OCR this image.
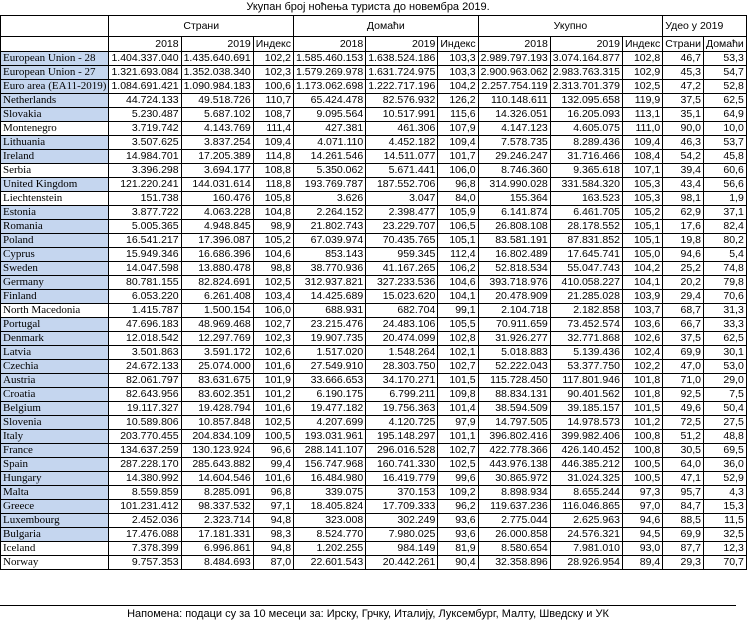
Укупан број ноћења туриста до новембра 2019.
	Страни			Домаћи			Укупно			Удео у 2019	
	2018	2019	Индекс	2018	2019	Индекс	2018	2019	Индекс	Страни	Домаћи
European Union - 28	1.404.337.040	1.435.640.691	102,2	1.585.460.153	1.638.524.186	103,3	2.989.797.193	3.074.164.877	102,8	46,7	53,3
European Union - 27	1.321.693.084	1.352.038.340	102,3	1.579.269.978	1.631.724.975	103,3	2.900.963.062	2.983.763.315	102,9	45,3	54,7
Euro area (EA11-2019)	1.084.691.421	1.090.984.183	100,6	1.173.062.698	1.222.717.196	104,2	2.257.754.119	2.313.701.379	102,5	47,2	52,8
Netherlands	44.724.133	49.518.726	110,7	65.424.478	82.576.932	126,2	110.148.611	132.095.658	119,9	37,5	62,5
Slovakia	5.230.487	5.687.102	108,7	9.095.564	10.517.991	115,6	14.326.051	16.205.093	113,1	35,1	64,9
Montenegro	3.719.742	4.143.769	111,4	427.381	461.306	107,9	4.147.123	4.605.075	111,0	90,0	10,0
Lithuania	3.507.625	3.837.254	109,4	4.071.110	4.452.182	109,4	7.578.735	8.289.436	109,4	46,3	53,7
Ireland	14.984.701	17.205.389	114,8	14.261.546	14.511.077	101,7	29.246.247	31.716.466	108,4	54,2	45,8
Serbia	3.396.298	3.694.177	108,8	5.350.062	5.671.441	106,0	8.746.360	9.365.618	107,1	39,4	60,6
United Kingdom	121.220.241	144.031.614	118,8	193.769.787	187.552.706	96,8	314.990.028	331.584.320	105,3	43,4	56,6
Liechtenstein	151.738	160.476	105,8	3.626	3.047	84,0	155.364	163.523	105,3	98,1	1,9
Estonia	3.877.722	4.063.228	104,8	2.264.152	2.398.477	105,9	6.141.874	6.461.705	105,2	62,9	37,1
Romania	5.005.365	4.948.845	98,9	21.802.743	23.229.707	106,5	26.808.108	28.178.552	105,1	17,6	82,4
Poland	16.541.217	17.396.087	105,2	67.039.974	70.435.765	105,1	83.581.191	87.831.852	105,1	19,8	80,2
Cyprus	15.949.346	16.686.396	104,6	853.143	959.345	112,4	16.802.489	17.645.741	105,0	94,6	5,4
Sweden	14.047.598	13.880.478	98,8	38.770.936	41.167.265	106,2	52.818.534	55.047.743	104,2	25,2	74,8
Germany	80.781.155	82.824.691	102,5	312.937.821	327.233.536	104,6	393.718.976	410.058.227	104,1	20,2	79,8
Finland	6.053.220	6.261.408	103,4	14.425.689	15.023.620	104,1	20.478.909	21.285.028	103,9	29,4	70,6
North Macedonia	1.415.787	1.500.154	106,0	688.931	682.704	99,1	2.104.718	2.182.858	103,7	68,7	31,3
Portugal	47.696.183	48.969.468	102,7	23.215.476	24.483.106	105,5	70.911.659	73.452.574	103,6	66,7	33,3
Denmark	12.018.542	12.297.769	102,3	19.907.735	20.474.099	102,8	31.926.277	32.771.868	102,6	37,5	62,5
Latvia	3.501.863	3.591.172	102,6	1.517.020	1.548.264	102,1	5.018.883	5.139.436	102,4	69,9	30,1
Czechia	24.672.133	25.074.000	101,6	27.549.910	28.303.750	102,7	52.222.043	53.377.750	102,2	47,0	53,0
Austria	82.061.797	83.631.675	101,9	33.666.653	34.170.271	101,5	115.728.450	117.801.946	101,8	71,0	29,0
Croatia	82.643.956	83.602.351	101,2	6.190.175	6.799.211	109,8	88.834.131	90.401.562	101,8	92,5	7,5
Belgium	19.117.327	19.428.794	101,6	19.477.182	19.756.363	101,4	38.594.509	39.185.157	101,5	49,6	50,4
Slovenia	10.589.806	10.857.848	102,5	4.207.699	4.120.725	97,9	14.797.505	14.978.573	101,2	72,5	27,5
Italy	203.770.455	204.834.109	100,5	193.031.961	195.148.297	101,1	396.802.416	399.982.406	100,8	51,2	48,8
France	134.637.259	130.123.924	96,6	288.141.107	296.016.528	102,7	422.778.366	426.140.452	100,8	30,5	69,5
Spain	287.228.170	285.643.882	99,4	156.747.968	160.741.330	102,5	443.976.138	446.385.212	100,5	64,0	36,0
Hungary	14.380.992	14.604.546	101,6	16.484.980	16.419.779	99,6	30.865.972	31.024.325	100,5	47,1	52,9
Malta	8.559.859	8.285.091	96,8	339.075	370.153	109,2	8.898.934	8.655.244	97,3	95,7	4,3
Greece	101.231.412	98.337.532	97,1	18.405.824	17.709.333	96,2	119.637.236	116.046.865	97,0	84,7	15,3
Luxembourg	2.452.036	2.323.714	94,8	323.008	302.249	93,6	2.775.044	2.625.963	94,6	88,5	11,5
Bulgaria	17.476.088	17.181.331	98,3	8.524.770	7.980.025	93,6	26.000.858	24.576.321	94,5	69,9	32,5
Iceland	7.378.399	6.996.861	94,8	1.202.255	984.149	81,9	8.580.654	7.981.010	93,0	87,7	12,3
Norway	9.757.353	8.484.693	87,0	22.601.543	20.442.261	90,4	32.358.896	28.926.954	89,4	29,3	70,7
Напомена: подаци су за 10 месеци за: Ирску, Грчку, Италију, Луксембург, Малту, Шведску и УК
